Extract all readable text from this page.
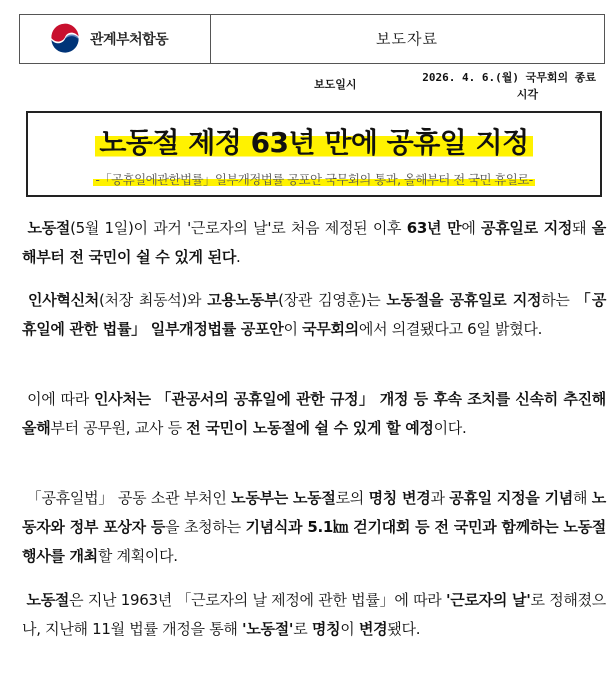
관계부처합동	보도자료
보도일시
2026. 4. 6.(월) 국무회의 종료
시각
노동절 제정 63년 만에 공휴일 지정
-「공휴일에관한법률」일부개정법률 공포안 국무회의 통과, 올해부터 전 국민 휴일로-

노동절(5월 1일)이 과거 '근로자의 날'로 처음 제정된 이후 63년 만에 공휴일로 지정돼 올해부터 전 국민이 쉴 수 있게 된다.

인사혁신처(처장 최동석)와 고용노동부(장관 김영훈)는 노동절을 공휴일로 지정하는 「공휴일에 관한 법률」 일부개정법률 공포안이 국무회의에서 의결됐다고 6일 밝혔다.

이에 따라 인사처는 「관공서의 공휴일에 관한 규정」 개정 등 후속 조치를 신속히 추진해 올해부터 공무원, 교사 등 전 국민이 노동절에 쉴 수 있게 할 예정이다.

「공휴일법」 공동 소관 부처인 노동부는 노동절로의 명칭 변경과 공휴일 지정을 기념해 노동자와 정부 포상자 등을 초청하는 기념식과 5.1㎞ 걷기대회 등 전 국민과 함께하는 노동절 행사를 개최할 계획이다.

노동절은 지난 1963년 「근로자의 날 제정에 관한 법률」에 따라 '근로자의 날'로 정해졌으나, 지난해 11월 법률 개정을 통해 '노동절'로 명칭이 변경됐다.
